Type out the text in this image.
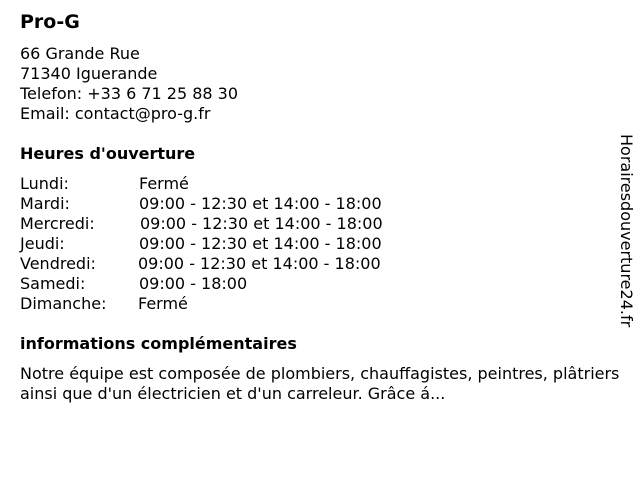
Pro-G
66 Grande Rue
71340 Iguerande
Telefon: +33 6 71 25 88 30
Email: contact@pro-g.fr
Heures d'ouverture
Lundi:	Fermé
Mardi:	09:00 - 12:30 et 14:00 - 18:00
Mercredi:	09:00 - 12:30 et 14:00 - 18:00
Jeudi:	09:00 - 12:30 et 14:00 - 18:00
Vendredi:	09:00 - 12:30 et 14:00 - 18:00
Samedi:	09:00 - 18:00
Dimanche: Fermé
informations complémentaires
Notre équipe est composée de plombiers, chauffagistes, peintres, plâtriers ainsi que d'un électricien et d'un carreleur. Grâce á...
Horairesdouverture24.fr
